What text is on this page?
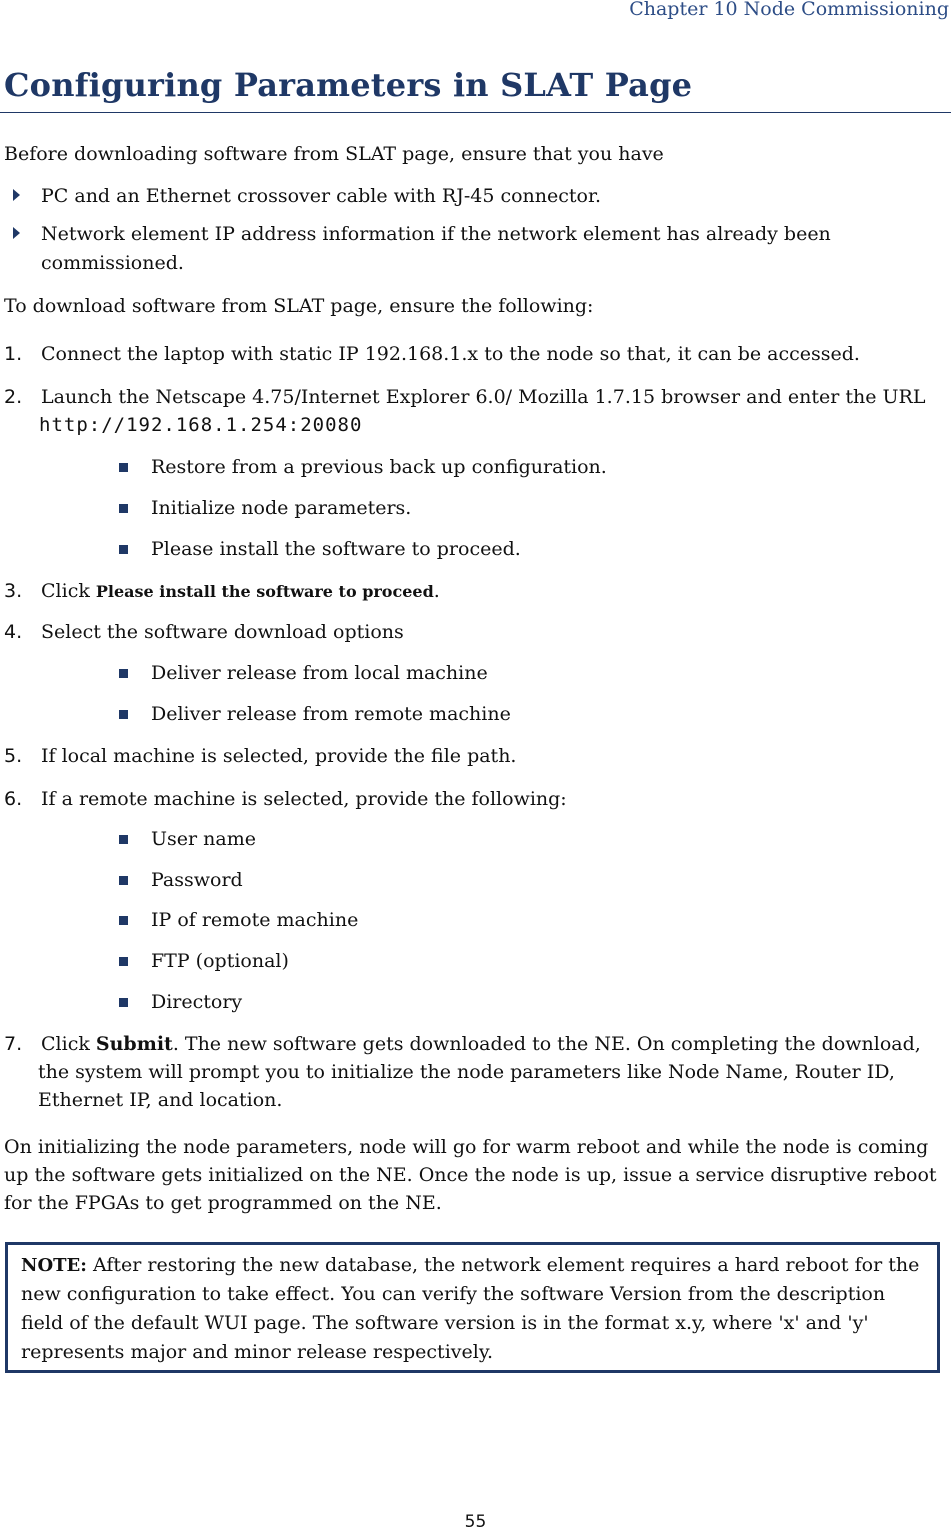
Chapter 10 Node Commissioning
Configuring Parameters in SLAT Page
Before downloading software from SLAT page, ensure that you have
PC and an Ethernet crossover cable with RJ-45 connector.
Network element IP address information if the network element has already been
commissioned.
To download software from SLAT page, ensure the following:
1. Connect the laptop with static IP 192.168.1.x to the node so that, it can be accessed.
2. Launch the Netscape 4.75/Internet Explorer 6.0/ Mozilla 1.7.15 browser and enter the URL
http://192.168.1.254:20080
Restore from a previous back up configuration.
Initialize node parameters.
Please install the software to proceed.
3. Click Please install the software to proceed.
4. Select the software download options
Deliver release from local machine
Deliver release from remote machine
5. If local machine is selected, provide the file path.
6. If a remote machine is selected, provide the following:
User name
Password
IP of remote machine
FTP (optional)
Directory
7. Click Submit. The new software gets downloaded to the NE. On completing the download,
the system will prompt you to initialize the node parameters like Node Name, Router ID,
Ethernet IP, and location.
On initializing the node parameters, node will go for warm reboot and while the node is coming
up the software gets initialized on the NE. Once the node is up, issue a service disruptive reboot
for the FPGAs to get programmed on the NE.
NOTE: After restoring the new database, the network element requires a hard reboot for the
new configuration to take effect. You can verify the software Version from the description
field of the default WUI page. The software version is in the format x.y, where 'x' and 'y'
represents major and minor release respectively.
55
